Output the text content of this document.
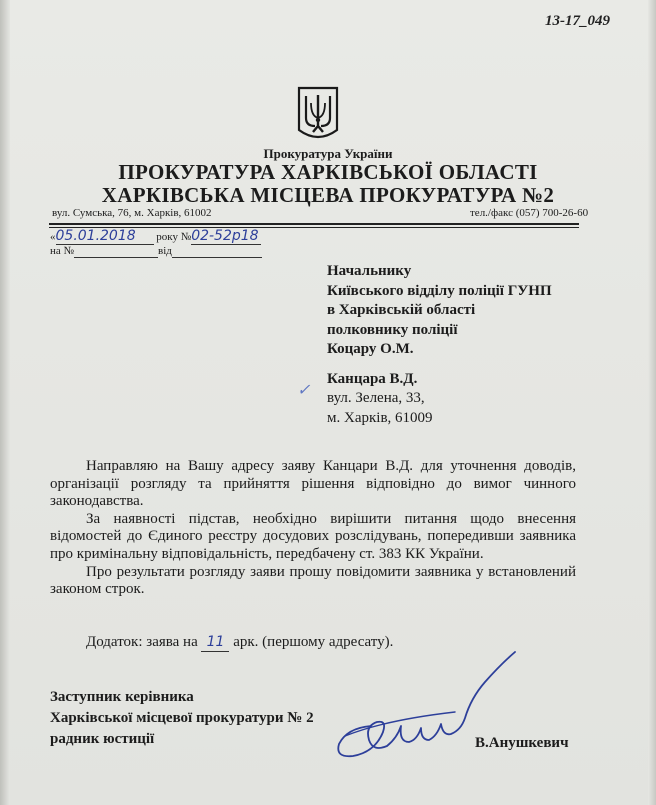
13-17_049
Прокуратура України
ПРОКУРАТУРА ХАРКІВСЬКОЇ ОБЛАСТІ
ХАРКІВСЬКА МІСЦЕВА ПРОКУРАТУРА №2
вул. Сумська, 76, м. Харків, 61002	тел./факс (057) 700-26-60
«05.01.2018 року №02-52р18
на №	від
Начальнику
Київського відділу поліції ГУНП
в Харківській області
полковнику поліції
Коцару О.М.
✓
Канцара В.Д.
вул. Зелена, 33,
м. Харків, 61009

Направляю на Вашу адресу заяву Канцари В.Д. для уточнення доводів, організації розгляду та прийняття рішення відповідно до вимог чинного законодавства.

За наявності підстав, необхідно вирішити питання щодо внесення відомостей до Єдиного реєстру досудових розслідувань, попередивши заявника про кримінальну відповідальність, передбачену ст. 383 КК України.

Про результати розгляду заяви прошу повідомити заявника у встановлений законом строк.

Додаток: заява на 11 арк. (першому адресату).
Заступник керівника
Харківської місцевої прокуратури № 2
радник юстиції	В.Анушкевич
